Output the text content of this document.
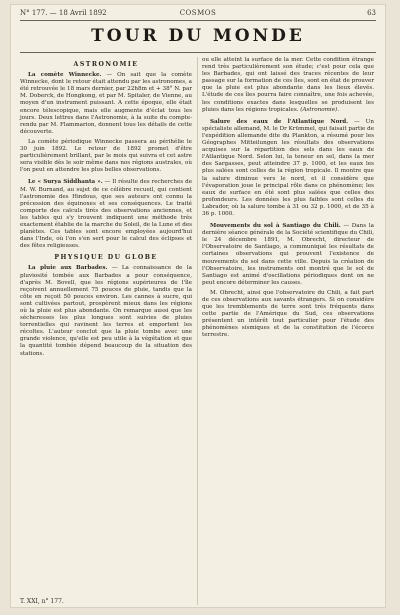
N° 177. — 18 Avril 1892	COSMOS	63
TOUR DU MONDE
ASTRONOMIE

La comète Winnecke. — On sait que la comète Winnecke, dont le retour était attendu par les astronomes, a été retrouvée le 18 mars dernier, par 22h8m et + 38° N. par M. Doberck, de Hongkong, et par M. Spitaler, de Vienne, au moyen d'un instrument puissant. A cette époque, elle était encore télescopique, mais elle augmente d'éclat tous les jours. Deux lettres dans l'Astronomie, à la suite du compte-rendu par M. Flammarion, donnent tous les détails de cette découverte.

La comète périodique Winnecke passera au périhélie le 30 juin 1892. Le retour de 1892 promet d'être particulièrement brillant, par le mois qui suivra et cet astre sera visible dès le soir même dans nos régions australes, où l'on peut en attendre les plus belles observations.

Le « Surya Siddhanta ». — Il résulte des recherches de M. W. Burnand, au sujet de ce célèbre recueil, qui contient l'astronomie des Hindous, que ses auteurs ont connu la précession des équinoxes et ses conséquences. Le traité comporte des calculs tirés des observations anciennes, et les tables qui s'y trouvent indiquent une méthode très exactement établie de la marche du Soleil, de la Lune et des planètes. Ces tables sont encore employées aujourd'hui dans l'Inde, où l'on s'en sert pour le calcul des éclipses et des fêtes religieuses.

PHYSIQUE DU GLOBE

La pluie aux Barbades. — La connaissance de la pluviosité tombée aux Barbades a pour conséquence, d'après M. Bovell, que les régions supérieures de l'île reçoivent annuellement 75 pouces de pluie, tandis que la côte en reçoit 50 pouces environ. Les cannes à sucre, qui sont cultivées partout, prospèrent mieux dans les régions où la pluie est plus abondante. On remarque aussi que les sécheresses les plus longues sont suivies de pluies torrentielles qui ravinent les terres et emportent les récoltes. L'auteur conclut que la pluie tombe avec une grande violence, qu'elle est peu utile à la végétation et que la quantité tombée dépend beaucoup de la situation des stations.

ou elle atteint la surface de la mer. Cette condition étrange rend très particulièrement son étude; c'est pour cela que les Barbades, qui ont laissé des traces récentes de leur passage sur la formation de ces îles, sont en état de prouver que la pluie est plus abondante dans les lieux élevés. L'étude de ces îles pourra faire connaître, une fois achevée, les conditions exactes dans lesquelles se produisent les pluies dans les régions tropicales. (Astronomie).

Salure des eaux de l'Atlantique Nord. — Un spécialiste allemand, M. le Dr Krümmel, qui faisait partie de l'expédition allemande dite du Plankton, a résumé pour les Géographes Mitteilungen les résultats des observations acquises sur la répartition des sels dans les eaux de l'Atlantique Nord. Selon lui, la teneur en sel, dans la mer des Sargasses, peut atteindre 37 p. 1000, et les eaux les plus salées sont celles de la région tropicale. Il montre que la salure diminue vers le nord, et il considère que l'évaporation joue le principal rôle dans ce phénomène; les eaux de surface en été sont plus salées que celles des profondeurs. Les données les plus faibles sont celles du Labrador, où la salure tombe à 31 ou 32 p. 1000, et de 35 à 36 p. 1000.

Mouvements du sol à Santiago du Chili. — Dans la dernière séance générale de la Société scientifique du Chili, le 24 décembre 1891, M. Obrecht, directeur de l'Observatoire de Santiago, a communiqué les résultats de certaines observations qui prouvent l'existence de mouvements du sol dans cette ville. Depuis la création de l'Observatoire, les instruments ont montré que le sol de Santiago est animé d'oscillations périodiques dont on ne peut encore déterminer les causes.

M. Obrecht, ainsi que l'observatoire du Chili, a fait part de ces observations aux savants étrangers. Si on considère que les tremblements de terre sont très fréquents dans cette partie de l'Amérique du Sud, ces observations présentent un intérêt tout particulier pour l'étude des phénomènes sismiques et de la constitution de l'écorce terrestre.

T. XXI, n° 177.
